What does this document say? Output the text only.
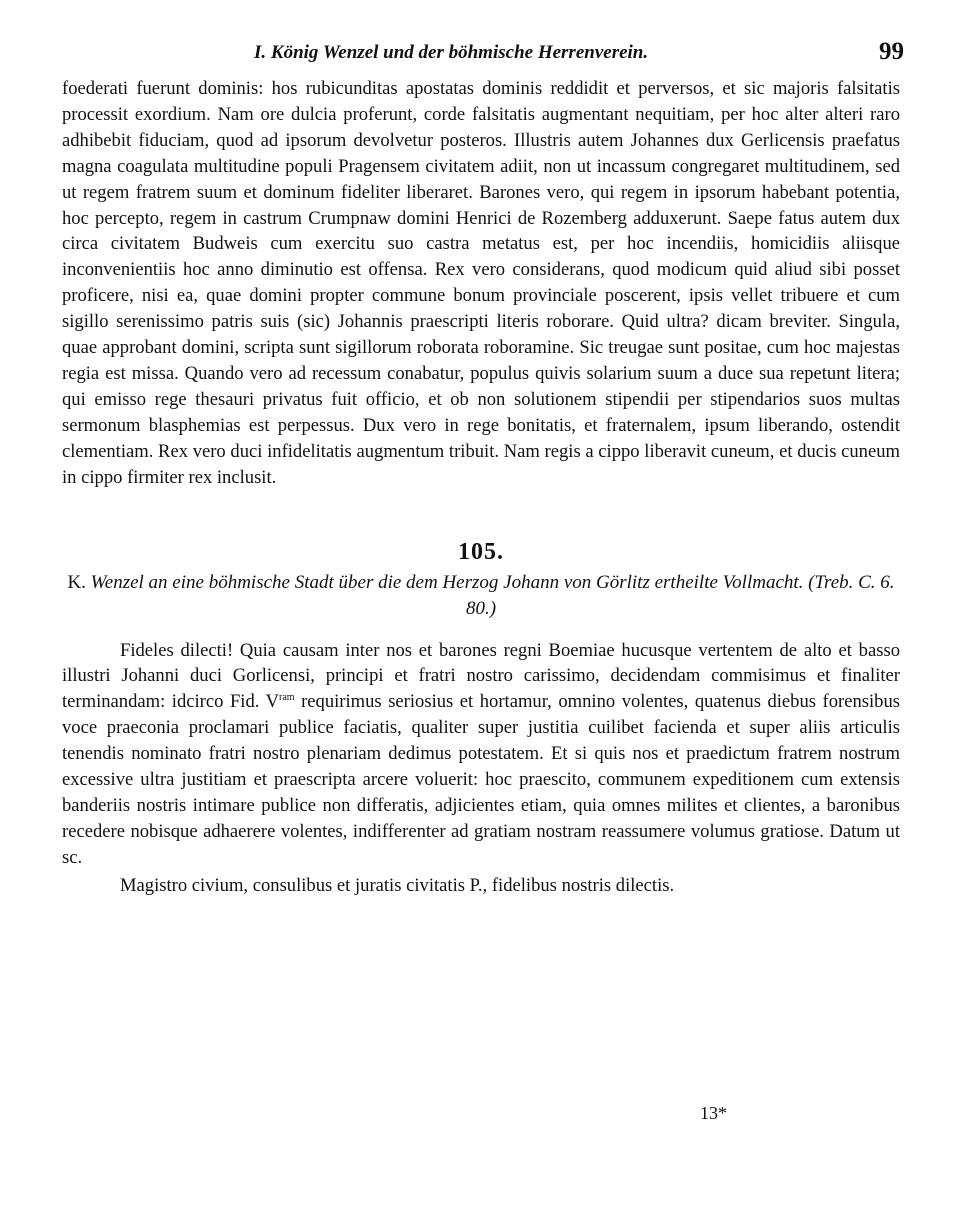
I. König Wenzel und der böhmische Herrenverein.	99

foederati fuerunt dominis: hos rubicunditas apostatas dominis reddidit et perversos, et sic majoris falsitatis processit exordium. Nam ore dulcia proferunt, corde falsitatis augmentant nequitiam, per hoc alter alteri raro adhibebit fiduciam, quod ad ipsorum devolvetur posteros. Illustris autem Johannes dux Gerlicensis praefatus magna coagulata multitudine populi Pragensem civitatem adiit, non ut incassum congregaret multitudinem, sed ut regem fratrem suum et dominum fideliter liberaret. Barones vero, qui regem in ipsorum habebant potentia, hoc percepto, regem in castrum Crumpnaw domini Henrici de Rozemberg adduxerunt. Saepe fatus autem dux circa civitatem Budweis cum exercitu suo castra metatus est, per hoc incendiis, homicidiis aliisque inconvenientiis hoc anno diminutio est offensa. Rex vero considerans, quod modicum quid aliud sibi posset proficere, nisi ea, quae domini propter commune bonum provinciale poscerent, ipsis vellet tribuere et cum sigillo serenissimo patris suis (sic) Johannis praescripti literis roborare. Quid ultra? dicam breviter. Singula, quae approbant domini, scripta sunt sigillorum roborata roboramine. Sic treugae sunt positae, cum hoc majestas regia est missa. Quando vero ad recessum conabatur, populus quivis solarium suum a duce sua repetunt litera; qui emisso rege thesauri privatus fuit officio, et ob non solutionem stipendii per stipendarios suos multas sermonum blasphemias est perpessus. Dux vero in rege bonitatis, et fraternalem, ipsum liberando, ostendit clementiam. Rex vero duci infidelitatis augmentum tribuit. Nam regis a cippo liberavit cuneum, et ducis cuneum in cippo firmiter rex inclusit.

105.
K. Wenzel an eine böhmische Stadt über die dem Herzog Johann von Görlitz ertheilte Vollmacht. (Treb. C. 6. 80.)

Fideles dilecti! Quia causam inter nos et barones regni Boemiae hucusque vertentem de alto et basso illustri Johanni duci Gorlicensi, principi et fratri nostro carissimo, decidendam commisimus et finaliter terminandam: idcirco Fid. $V^{ram}$ requirimus seriosius et hortamur, omnino volentes, quatenus diebus forensibus voce praeconia proclamari publice faciatis, qualiter super justitia cuilibet facienda et super aliis articulis tenendis nominato fratri nostro plenariam dedimus potestatem. Et si quis nos et praedictum fratrem nostrum excessive ultra justitiam et praescripta arcere voluerit: hoc praescito, communem expeditionem cum extensis banderiis nostris intimare publice non differatis, adjicientes etiam, quia omnes milites et clientes, a baronibus recedere nobisque adhaerere volentes, indifferenter ad gratiam nostram reassumere volumus gratiose. Datum ut sc.

Magistro civium, consulibus et juratis civitatis P., fidelibus nostris dilectis.

13*
